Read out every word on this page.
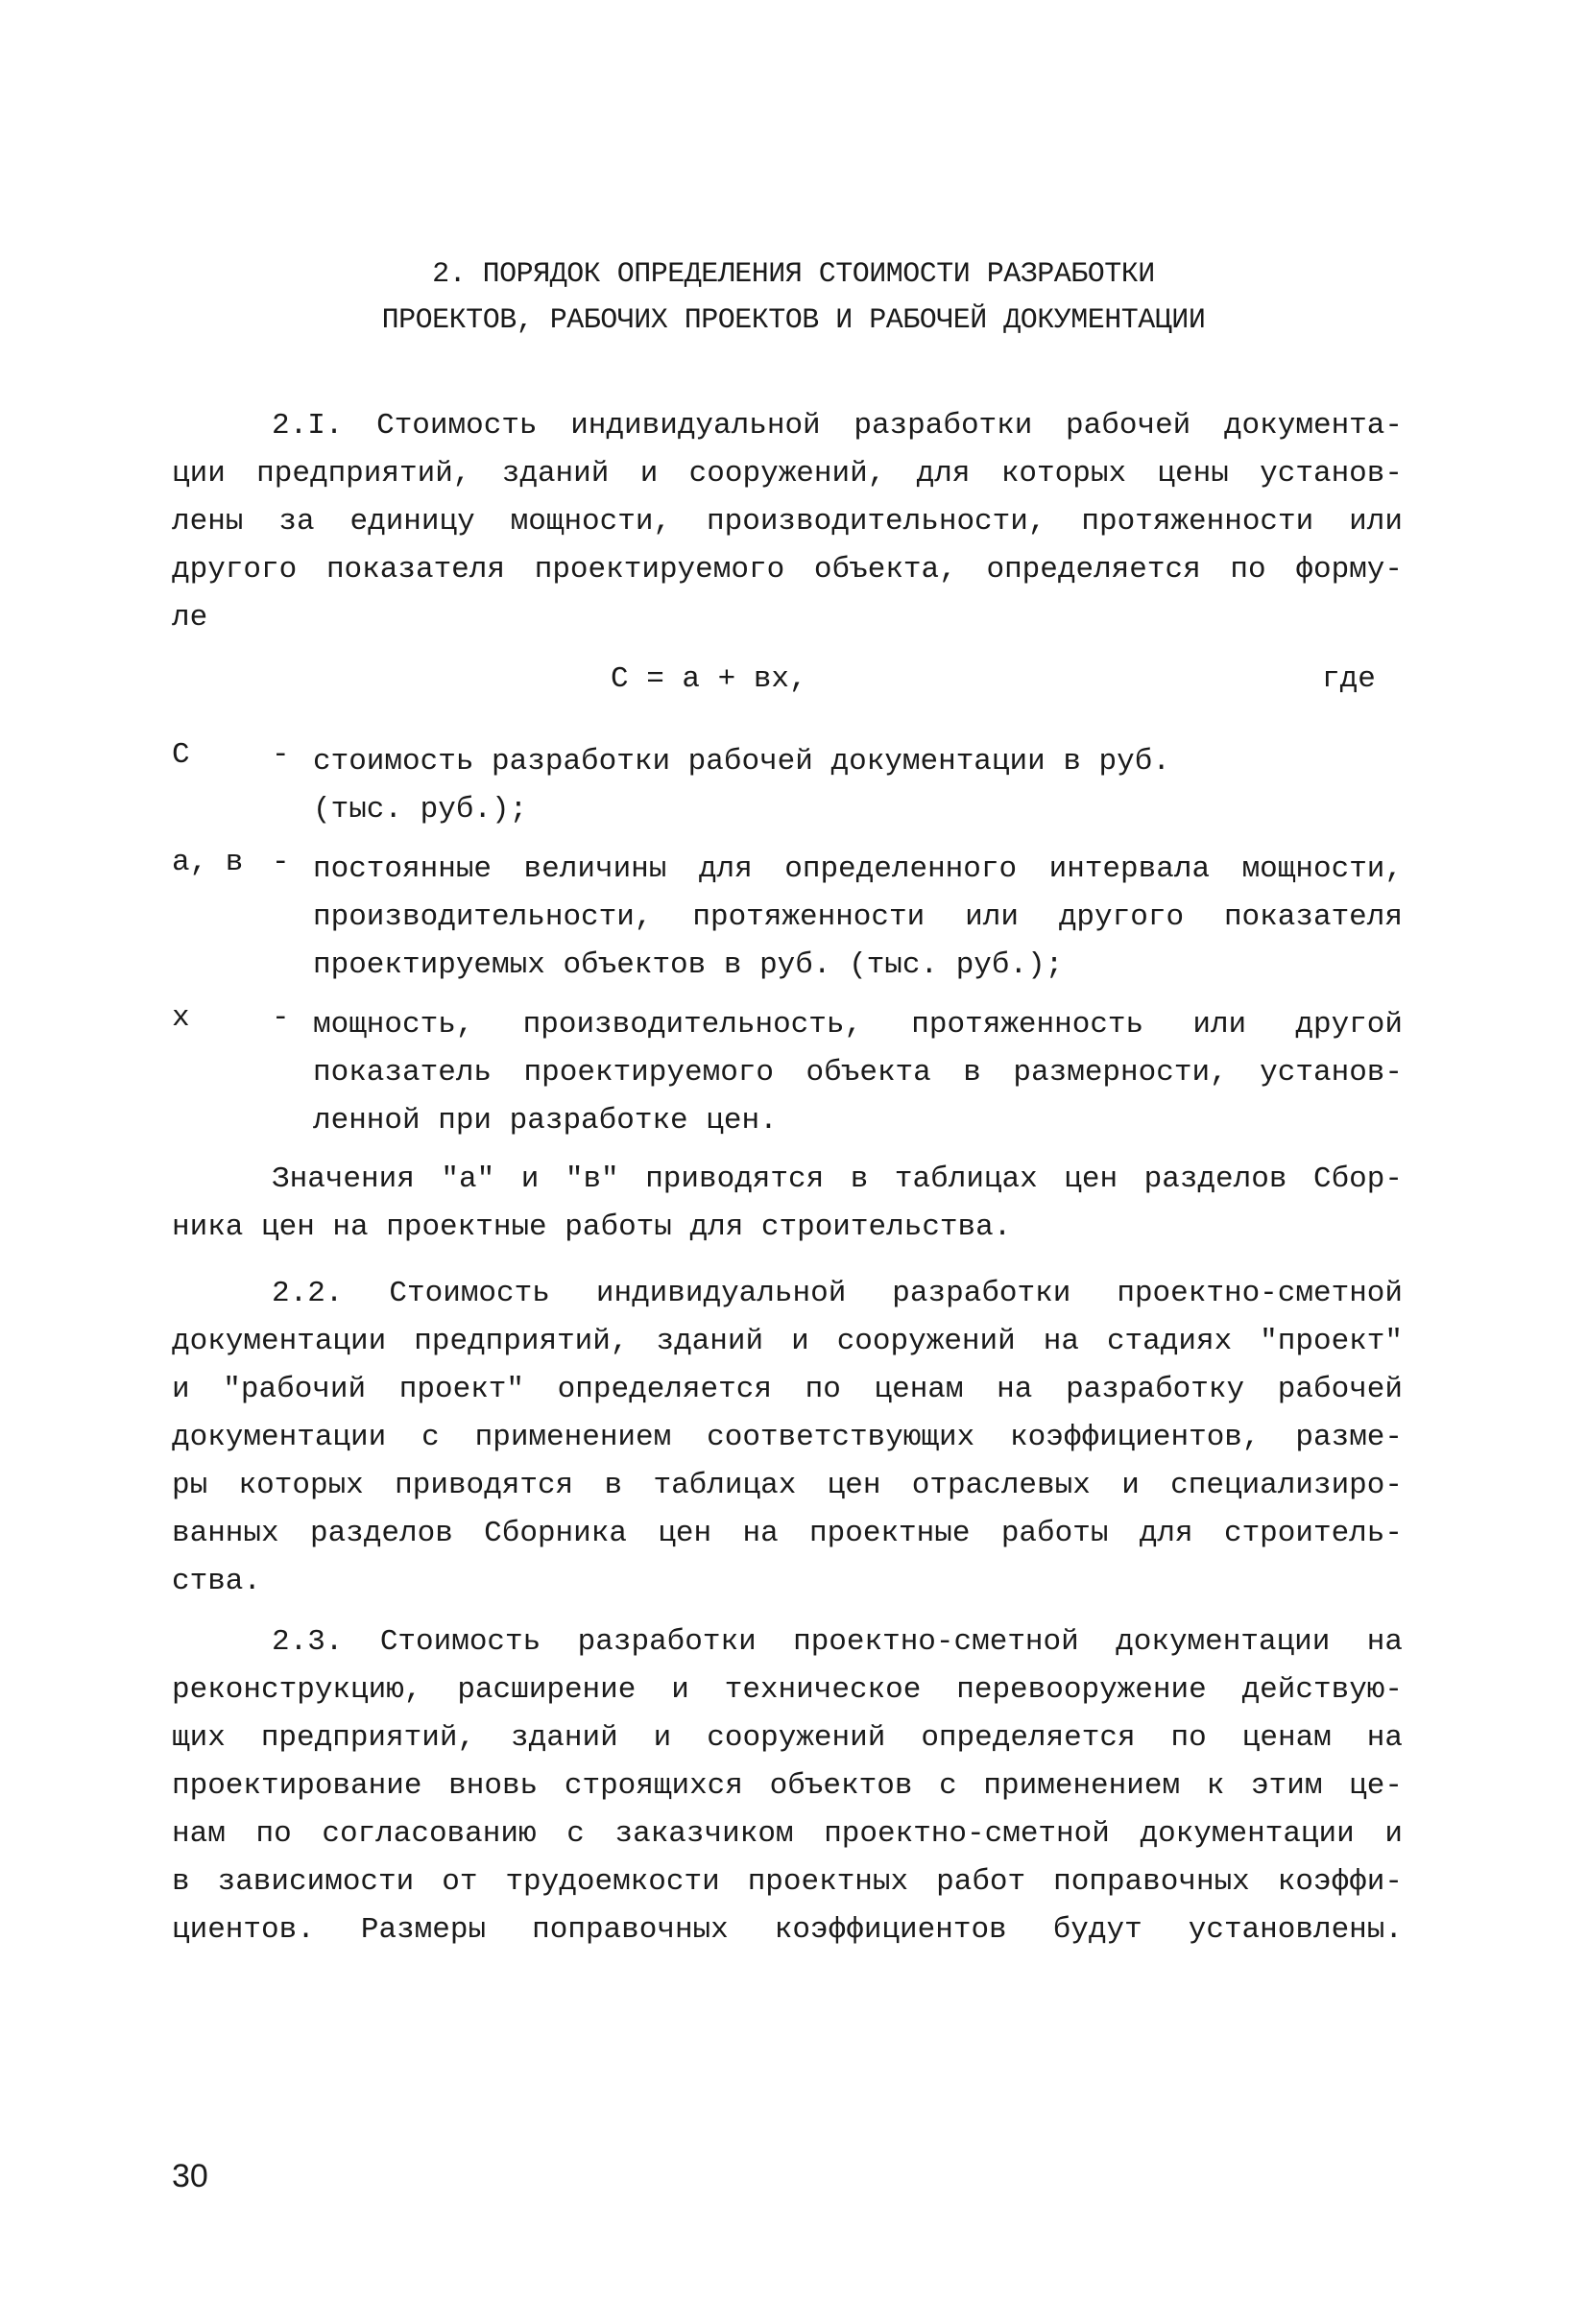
2. ПОРЯДОК ОПРЕДЕЛЕНИЯ СТОИМОСТИ РАЗРАБОТКИ
ПРОЕКТОВ, РАБОЧИХ ПРОЕКТОВ И РАБОЧЕЙ ДОКУМЕНТАЦИИ
2.I. Стоимость индивидуальной разработки рабочей документа-
ции предприятий, зданий и сооружений, для которых цены установ-
лены за единицу мощности, производительности, протяженности или
другого показателя проектируемого объекта, определяется по форму-
ле
С = а + вх,	где
С	- стоимость разработки рабочей документации в руб.
(тыс. руб.);
а, в - постоянные величины для определенного интервала мощности,
производительности, протяженности или другого показателя
проектируемых объектов в руб. (тыс. руб.);
х	- мощность, производительность, протяженность или другой
показатель проектируемого объекта в размерности, установ-
ленной при разработке цен.
Значения "а" и "в" приводятся в таблицах цен разделов Сбор-
ника цен на проектные работы для строительства.
2.2. Стоимость индивидуальной разработки проектно-сметной
документации предприятий, зданий и сооружений на стадиях "проект"
и "рабочий проект" определяется по ценам на разработку рабочей
документации с применением соответствующих коэффициентов, разме-
ры которых приводятся в таблицах цен отраслевых и специализиро-
ванных разделов Сборника цен на проектные работы для строитель-
ства.
2.3. Стоимость разработки проектно-сметной документации на
реконструкцию, расширение и техническое перевооружение действую-
щих предприятий, зданий и сооружений определяется по ценам на
проектирование вновь строящихся объектов с применением к этим це-
нам по согласованию с заказчиком проектно-сметной документации и
в зависимости от трудоемкости проектных работ поправочных коэффи-
циентов. Размеры поправочных коэффициентов будут установлены.
30
